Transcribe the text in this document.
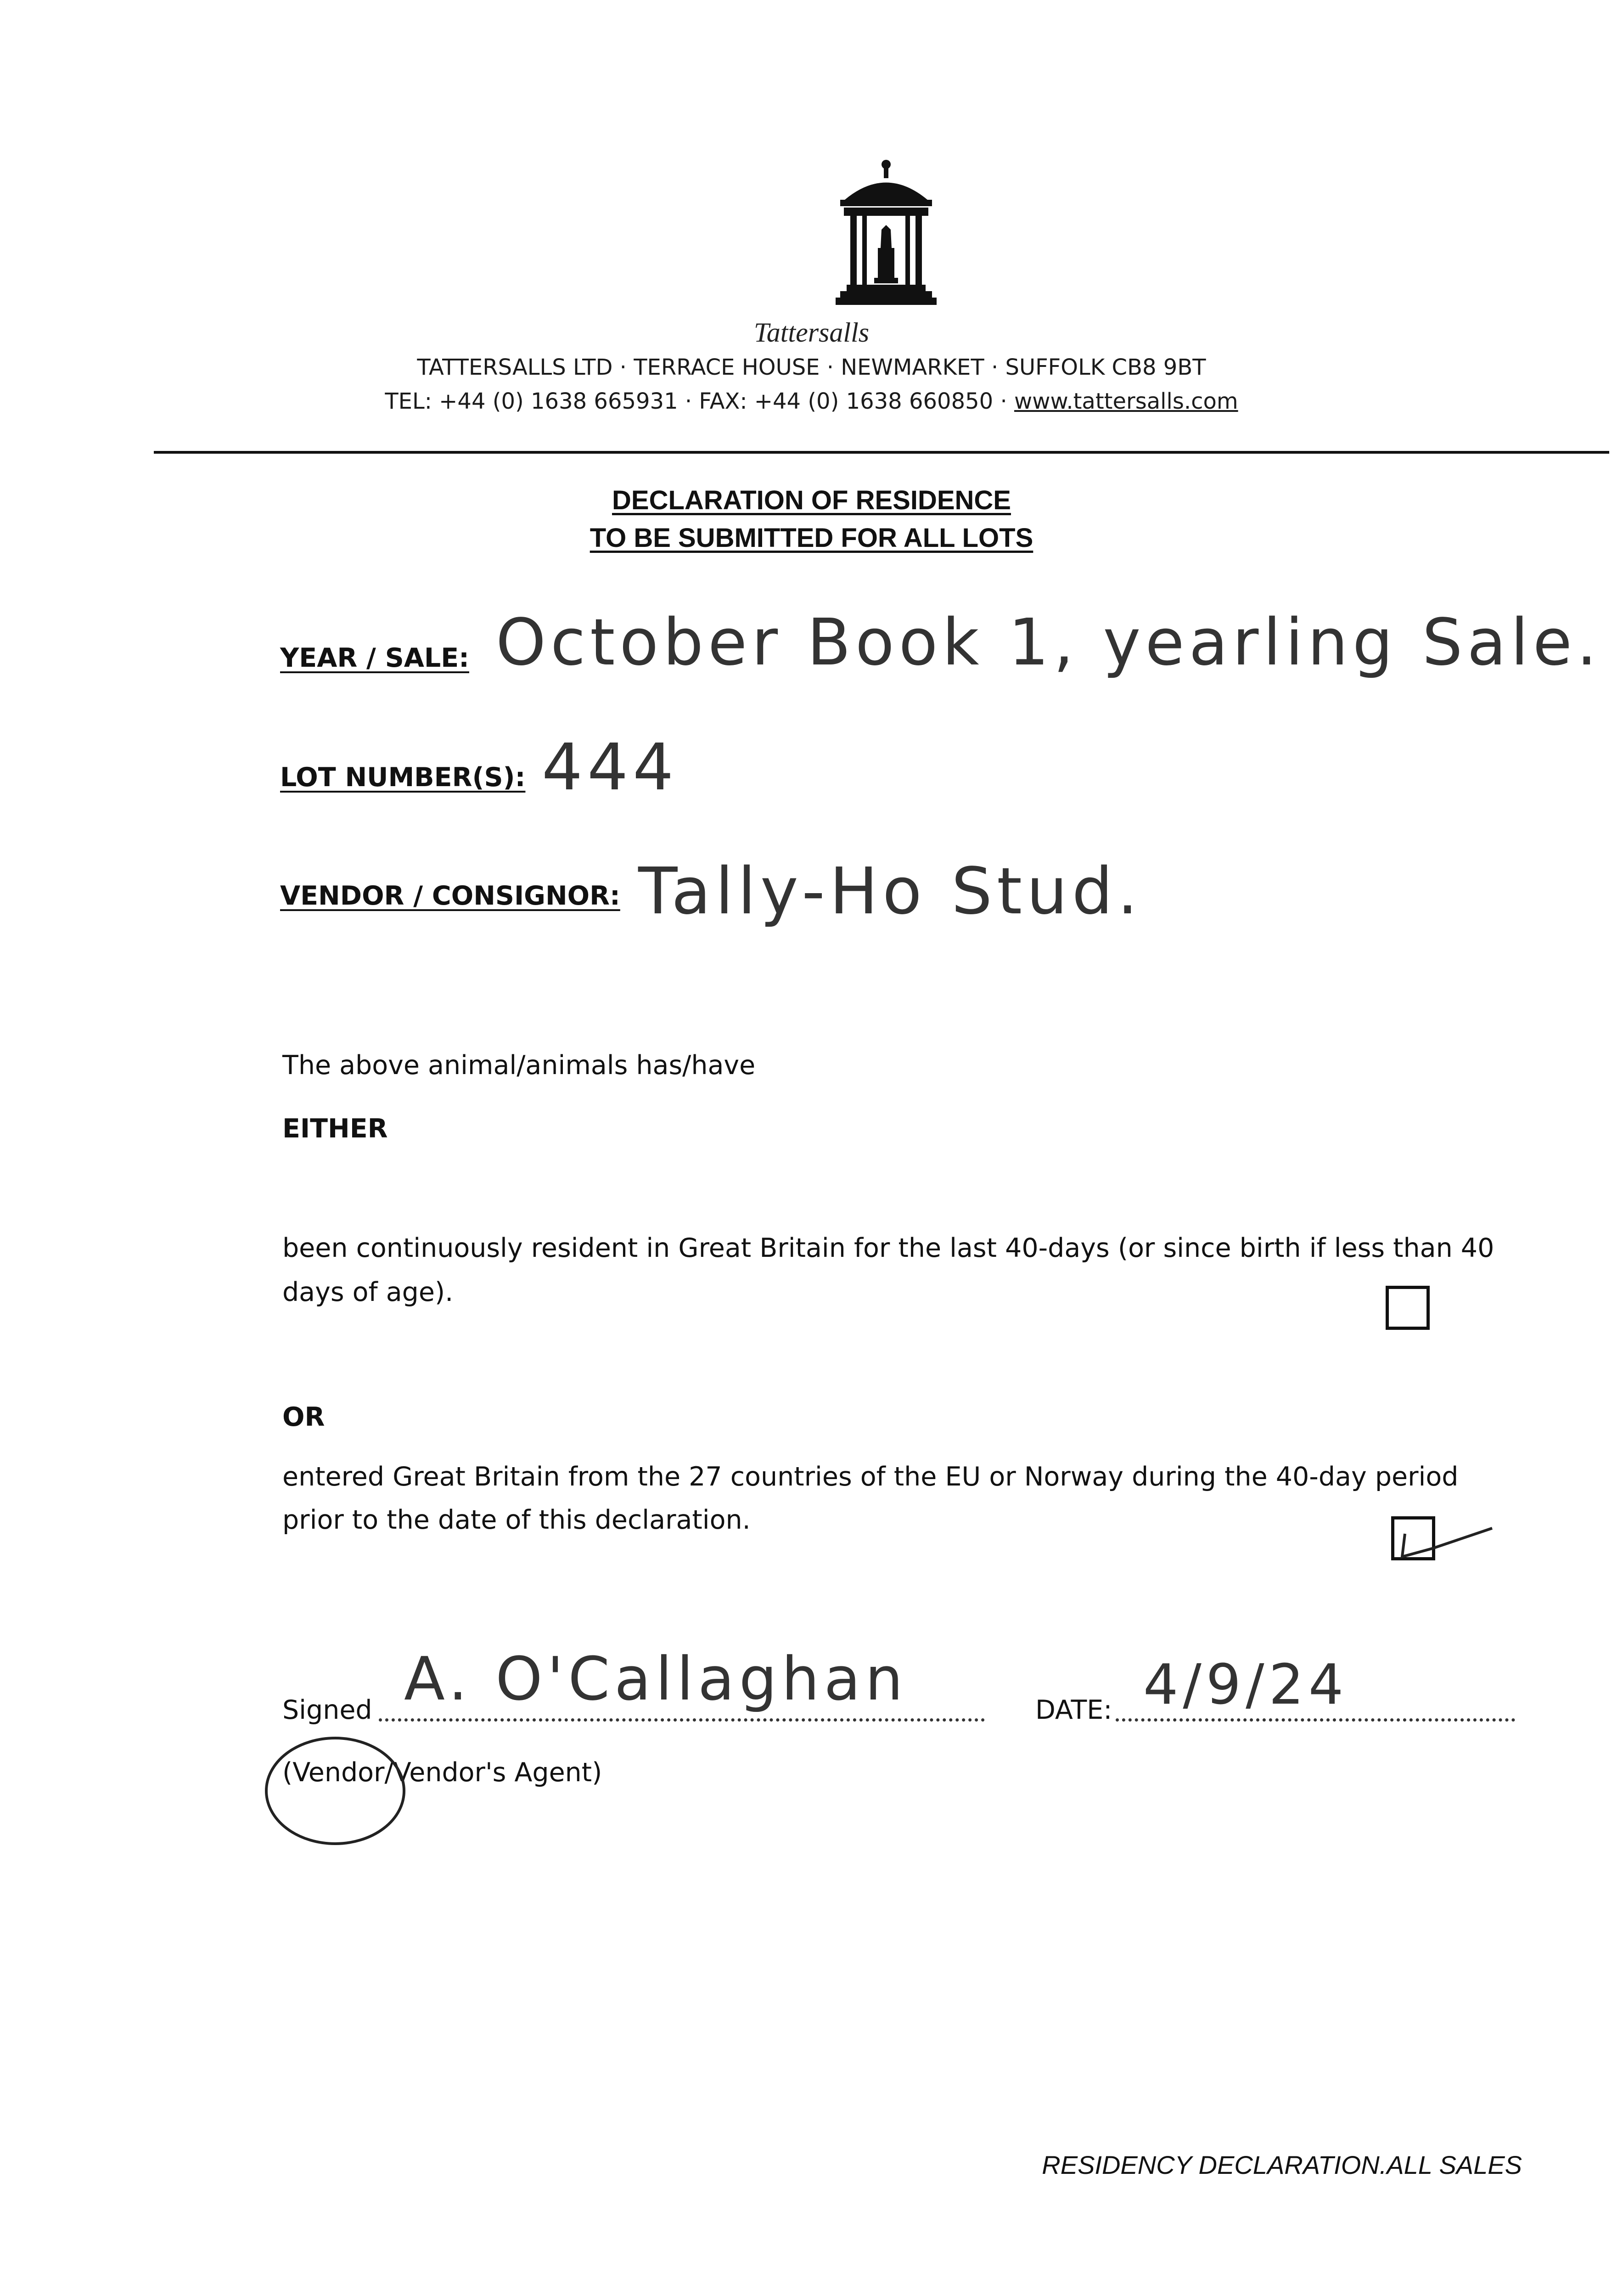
Tattersalls
TATTERSALLS LTD · TERRACE HOUSE · NEWMARKET · SUFFOLK CB8 9BT
TEL: +44 (0) 1638 665931 · FAX: +44 (0) 1638 660850 · www.tattersalls.com
DECLARATION OF RESIDENCE
TO BE SUBMITTED FOR ALL LOTS
YEAR / SALE: October Book 1, yearling Sale.
LOT NUMBER(S): 444
VENDOR / CONSIGNOR: Tally-Ho Stud.
The above animal/animals has/have
EITHER
been continuously resident in Great Britain for the last 40-days (or since birth if less than 40
days of age).
OR
entered Great Britain from the 27 countries of the EU or Norway during the 40-day period
prior to the date of this declaration.
Signed A. O'Callaghan	DATE: 4/9/24
(Vendor/Vendor's Agent)
RESIDENCY DECLARATION.ALL SALES
